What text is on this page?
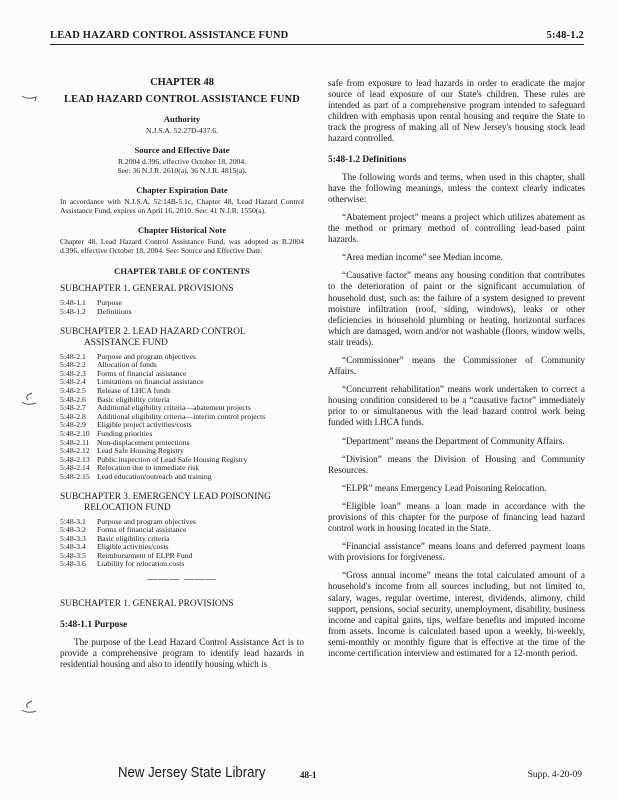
LEAD HAZARD CONTROL ASSISTANCE FUND	5:48-1.2
CHAPTER 48
LEAD HAZARD CONTROL ASSISTANCE FUND
Authority
N.J.S.A. 52:27D-437.6.
Source and Effective Date
R.2004 d.396, effective October 18, 2004.
See: 36 N.J.R. 2610(a), 36 N.J.R. 4815(a).
Chapter Expiration Date
In accordance with N.J.S.A. 52:14B-5.1c, Chapter 48, Lead Hazard Control Assistance Fund, expires on April 16, 2010. See: 41 N.J.R. 1550(a).
Chapter Historical Note
Chapter 48, Lead Hazard Control Assistance Fund, was adopted as R.2004 d.396, effective October 18, 2004. See: Source and Effective Date.
CHAPTER TABLE OF CONTENTS
SUBCHAPTER 1. GENERAL PROVISIONS
5:48-1.1	Purpose
5:48-1.2	Definitions
SUBCHAPTER 2. LEAD HAZARD CONTROL
ASSISTANCE FUND
5:48-2.1	Purpose and program objectives
5:48-2.2	Allocation of funds
5:48-2.3	Forms of financial assistance
5:48-2.4	Limitations on financial assistance
5:48-2.5	Release of LHCA funds
5:48-2.6	Basic eligibility criteria
5:48-2.7	Additional eligibility criteria—abatement projects
5:48-2.8	Additional eligibility criteria—interim control projects
5:48-2.9	Eligible project activities/costs
5:48-2.10	Funding priorities
5:48-2.11	Non-displacement protections
5:48-2.12	Lead Safe Housing Registry
5:48-2.13	Public inspection of Lead Safe Housing Registry
5:48-2.14	Relocation due to immediate risk
5:48-2.15	Lead education/outreach and training
SUBCHAPTER 3. EMERGENCY LEAD POISONING
RELOCATION FUND
5:48-3.1	Purpose and program objectives
5:48-3.2	Forms of financial assistance
5:48-3.3	Basic eligibility criteria
5:48-3.4	Eligible activities/costs
5:48-3.5	Reimbursement of ELPR Fund
5:48-3.6	Liability for relocation costs
——— ———
SUBCHAPTER 1. GENERAL PROVISIONS
5:48-1.1 Purpose
The purpose of the Lead Hazard Control Assistance Act is to provide a comprehensive program to identify lead hazards in residential housing and also to identify housing which is
safe from exposure to lead hazards in order to eradicate the major source of lead exposure of our State's children. These rules are intended as part of a comprehensive program intended to safeguard children with emphasis upon rental housing and require the State to track the progress of making all of New Jersey's housing stock lead hazard controlled.
5:48-1.2 Definitions
The following words and terms, when used in this chapter, shall have the following meanings, unless the context clearly indicates otherwise:
“Abatement project” means a project which utilizes abatement as the method or primary method of controlling lead-based paint hazards.
“Area median income” see Median income.
“Causative factor” means any housing condition that contributes to the deterioration of paint or the significant accumulation of household dust, such as: the failure of a system designed to prevent moisture infiltration (roof, siding, windows), leaks or other deficiencies in household plumbing or heating, horizontal surfaces which are damaged, worn and/or not washable (floors, window wells, stair treads).
“Commissioner” means the Commissioner of Community Affairs.
“Concurrent rehabilitation” means work undertaken to correct a housing condition considered to be a “causative factor” immediately prior to or simultaneous with the lead hazard control work being funded with LHCA funds.
“Department” means the Department of Community Affairs.
“Division” means the Division of Housing and Community Resources.
“ELPR” means Emergency Lead Poisoning Relocation.
“Eligible loan” means a loan made in accordance with the provisions of this chapter for the purpose of financing lead hazard control work in housing located in the State.
“Financial assistance” means loans and deferred payment loans with provisions for forgiveness.
“Gross annual income” means the total calculated amount of a household's income from all sources including, but not limited to, salary, wages, regular overtime, interest, dividends, alimony, child support, pensions, social security, unemployment, disability, business income and capital gains, tips, welfare benefits and imputed income from assets. Income is calculated based upon a weekly, bi-weekly, semi-monthly or monthly figure that is effective at the time of the income certification interview and estimated for a 12-month period.
New Jersey State Library	48-1	Supp. 4-20-09
